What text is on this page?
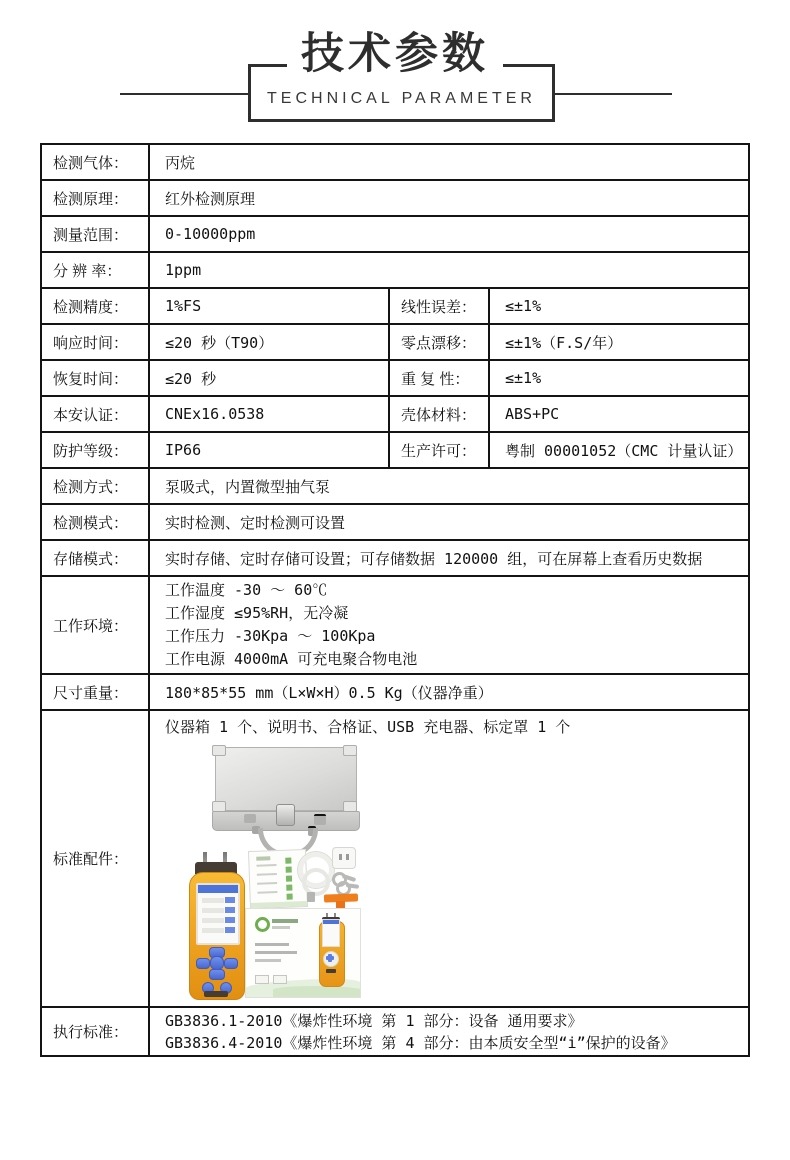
技术参数
TECHNICAL PARAMETER
检测气体： 丙烷
检测原理： 红外检测原理
测量范围： 0-10000ppm
分 辨 率：	1ppm
检测精度： 1%FS	线性误差： ≤±1%
响应时间： ≤20 秒（T90）	零点漂移： ≤±1%（F.S/年）
恢复时间： ≤20 秒	重 复 性： ≤±1%
本安认证： CNEx16.0538	壳体材料： ABS+PC
防护等级： IP66	生产许可： 粤制 00001052（CMC 计量认证）
检测方式： 泵吸式，内置微型抽气泵
检测模式： 实时检测、定时检测可设置
存储模式： 实时存储、定时存储可设置；可存储数据 120000 组，可在屏幕上查看历史数据
工作环境：
工作温度 -30 ～ 60℃
工作湿度 ≤95%RH，无冷凝
工作压力 -30Kpa ～ 100Kpa
工作电源 4000mA 可充电聚合物电池
尺寸重量： 180*85*55 mm（L×W×H）0.5 Kg（仪器净重）
标准配件：
仪器箱 1 个、说明书、合格证、USB 充电器、标定罩 1 个
执行标准：
GB3836.1-2010《爆炸性环境 第 1 部分：设备 通用要求》
GB3836.4-2010《爆炸性环境 第 4 部分：由本质安全型“i”保护的设备》
